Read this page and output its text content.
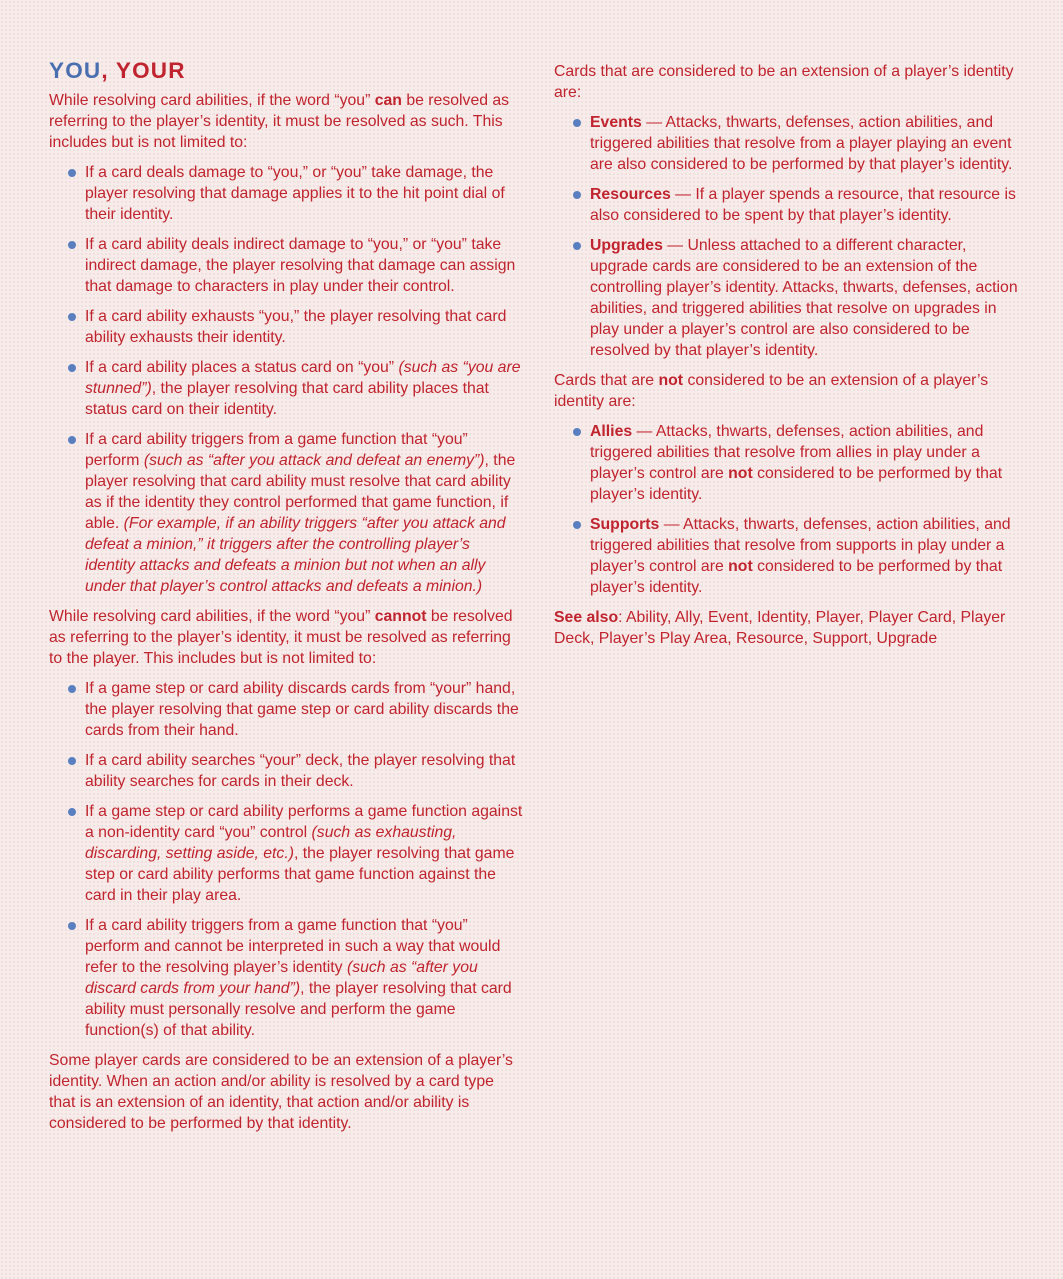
YOU, YOUR

While resolving card abilities, if the word “you” can be resolved as referring to the player’s identity, it must be resolved as such. This includes but is not limited to:

If a card deals damage to “you,” or “you” take damage, the player resolving that damage applies it to the hit point dial of their identity.
If a card ability deals indirect damage to “you,” or “you” take indirect damage, the player resolving that damage can assign that damage to characters in play under their control.
If a card ability exhausts “you,” the player resolving that card ability exhausts their identity.
If a card ability places a status card on “you” (such as “you are stunned”), the player resolving that card ability places that status card on their identity.
If a card ability triggers from a game function that “you” perform (such as “after you attack and defeat an enemy”), the player resolving that card ability must resolve that card ability as if the identity they control performed that game function, if able. (For example, if an ability triggers “after you attack and defeat a minion,” it triggers after the controlling player’s identity attacks and defeats a minion but not when an ally under that player’s control attacks and defeats a minion.)

While resolving card abilities, if the word “you” cannot be resolved as referring to the player’s identity, it must be resolved as referring to the player. This includes but is not limited to:

If a game step or card ability discards cards from “your” hand, the player resolving that game step or card ability discards the cards from their hand.
If a card ability searches “your” deck, the player resolving that ability searches for cards in their deck.
If a game step or card ability performs a game function against a non-identity card “you” control (such as exhausting, discarding, setting aside, etc.), the player resolving that game step or card ability performs that game function against the card in their play area.
If a card ability triggers from a game function that “you” perform and cannot be interpreted in such a way that would refer to the resolving player’s identity (such as “after you discard cards from your hand”), the player resolving that card ability must personally resolve and perform the game function(s) of that ability.

Some player cards are considered to be an extension of a player’s identity. When an action and/or ability is resolved by a card type that is an extension of an identity, that action and/or ability is considered to be performed by that identity.

Cards that are considered to be an extension of a player’s identity are:

Events — Attacks, thwarts, defenses, action abilities, and triggered abilities that resolve from a player playing an event are also considered to be performed by that player’s identity.
Resources — If a player spends a resource, that resource is also considered to be spent by that player’s identity.
Upgrades — Unless attached to a different character, upgrade cards are considered to be an extension of the controlling player’s identity. Attacks, thwarts, defenses, action abilities, and triggered abilities that resolve on upgrades in play under a player’s control are also considered to be resolved by that player’s identity.

Cards that are not considered to be an extension of a player’s identity are:

Allies — Attacks, thwarts, defenses, action abilities, and triggered abilities that resolve from allies in play under a player’s control are not considered to be performed by that player’s identity.
Supports — Attacks, thwarts, defenses, action abilities, and triggered abilities that resolve from supports in play under a player’s control are not considered to be performed by that player’s identity.

See also: Ability, Ally, Event, Identity, Player, Player Card, Player Deck, Player’s Play Area, Resource, Support, Upgrade
